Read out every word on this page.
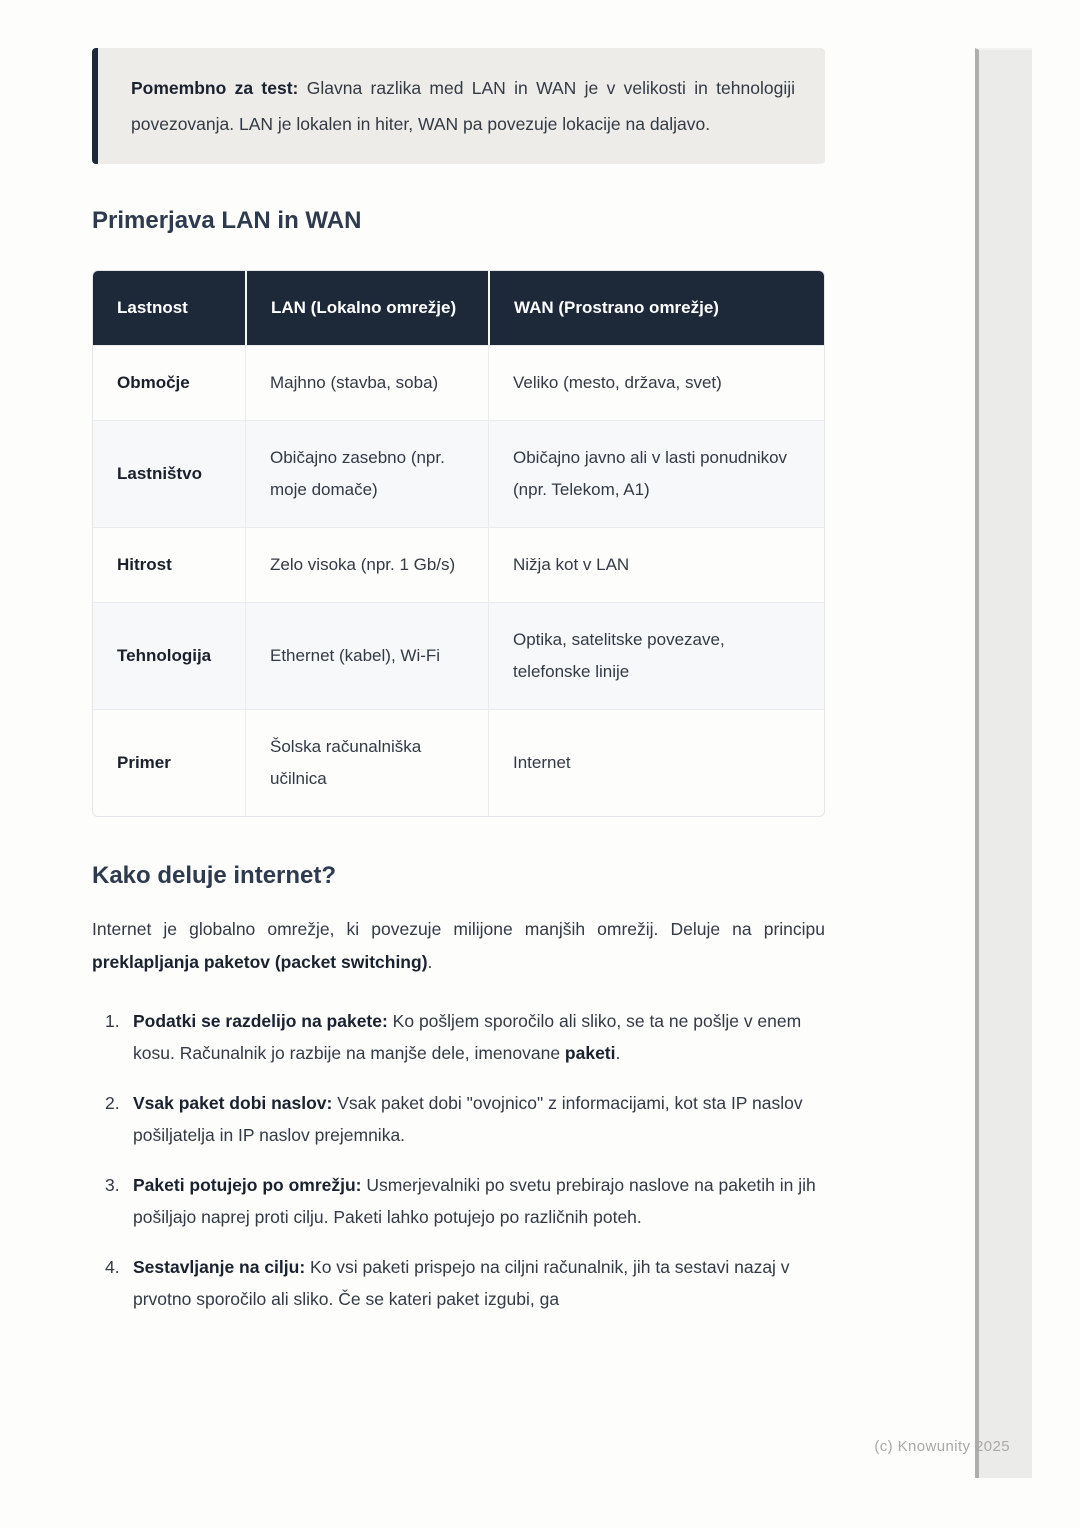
(c) Knowunity 2025

Pomembno za test: Glavna razlika med LAN in WAN je v velikosti in tehnologiji povezovanja. LAN je lokalen in hiter, WAN pa povezuje lokacije na daljavo.

Primerjava LAN in WAN
Lastnost	LAN (Lokalno omrežje)	WAN (Prostrano omrežje)
Območje	Majhno (stavba, soba)	Veliko (mesto, država, svet)
Lastništvo	Običajno zasebno (npr. moje domače)	Običajno javno ali v lasti ponudnikov (npr. Telekom, A1)
Hitrost	Zelo visoka (npr. 1 Gb/s)	Nižja kot v LAN
Tehnologija	Ethernet (kabel), Wi-Fi	Optika, satelitske povezave, telefonske linije
Primer	Šolska računalniška učilnica	Internet
Kako deluje internet?

Internet je globalno omrežje, ki povezuje milijone manjših omrežij. Deluje na principu preklapljanja paketov (packet switching).

1. Podatki se razdelijo na pakete: Ko pošljem sporočilo ali sliko, se ta ne pošlje v enem kosu. Računalnik jo razbije na manjše dele, imenovane paketi.
2. Vsak paket dobi naslov: Vsak paket dobi "ovojnico" z informacijami, kot sta IP naslov pošiljatelja in IP naslov prejemnika.
3. Paketi potujejo po omrežju: Usmerjevalniki po svetu prebirajo naslove na paketih in jih pošiljajo naprej proti cilju. Paketi lahko potujejo po različnih poteh.
4. Sestavljanje na cilju: Ko vsi paketi prispejo na ciljni računalnik, jih ta sestavi nazaj v prvotno sporočilo ali sliko. Če se kateri paket izgubi, ga
